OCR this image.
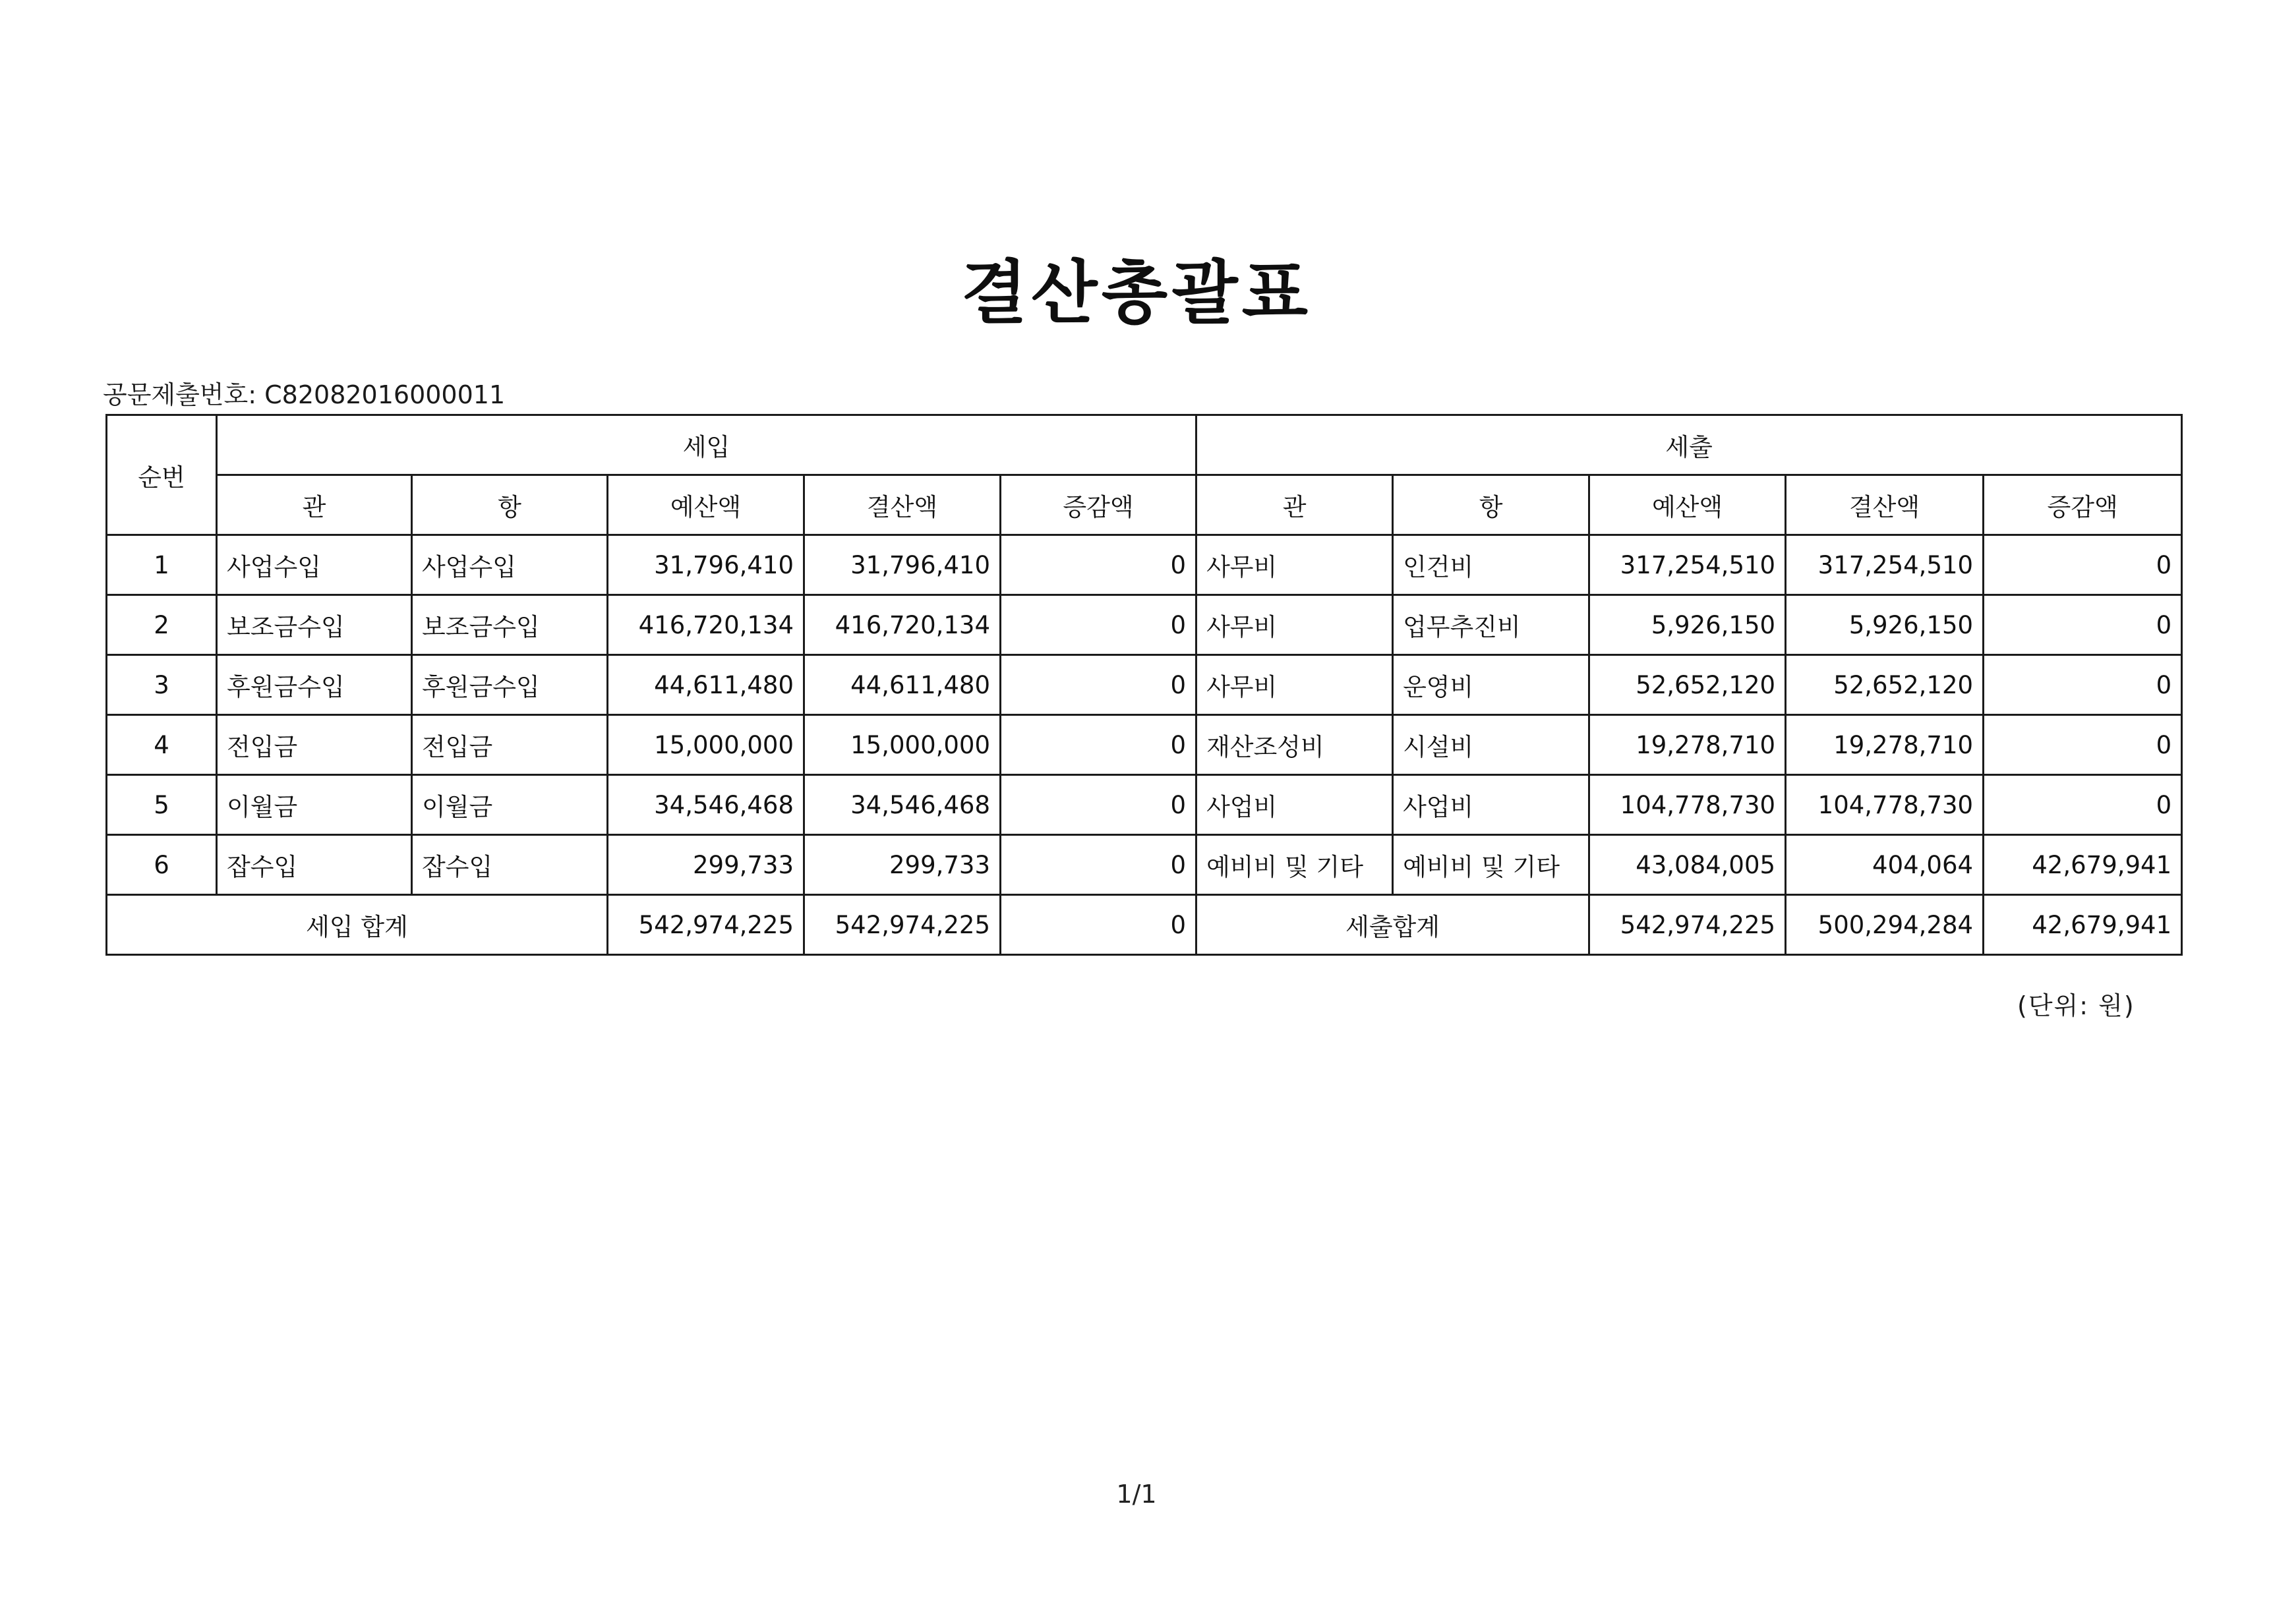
결산총괄표
공문제출번호: C82082016000011
순번	세입					세출				
	관	항	예산액	결산액	증감액	관	항	예산액	결산액	증감액
1	사업수입	사업수입	31,796,410	31,796,410	0	사무비	인건비	317,254,510	317,254,510	0
2	보조금수입	보조금수입	416,720,134	416,720,134	0	사무비	업무추진비	5,926,150	5,926,150	0
3	후원금수입	후원금수입	44,611,480	44,611,480	0	사무비	운영비	52,652,120	52,652,120	0
4	전입금	전입금	15,000,000	15,000,000	0	재산조성비	시설비	19,278,710	19,278,710	0
5	이월금	이월금	34,546,468	34,546,468	0	사업비	사업비	104,778,730	104,778,730	0
6	잡수입	잡수입	299,733	299,733	0	예비비 및 기타	예비비 및 기타	43,084,005	404,064	42,679,941
세입 합계			542,974,225	542,974,225	0	세출합계		542,974,225	500,294,284	42,679,941
(단위: 원)
1/1
